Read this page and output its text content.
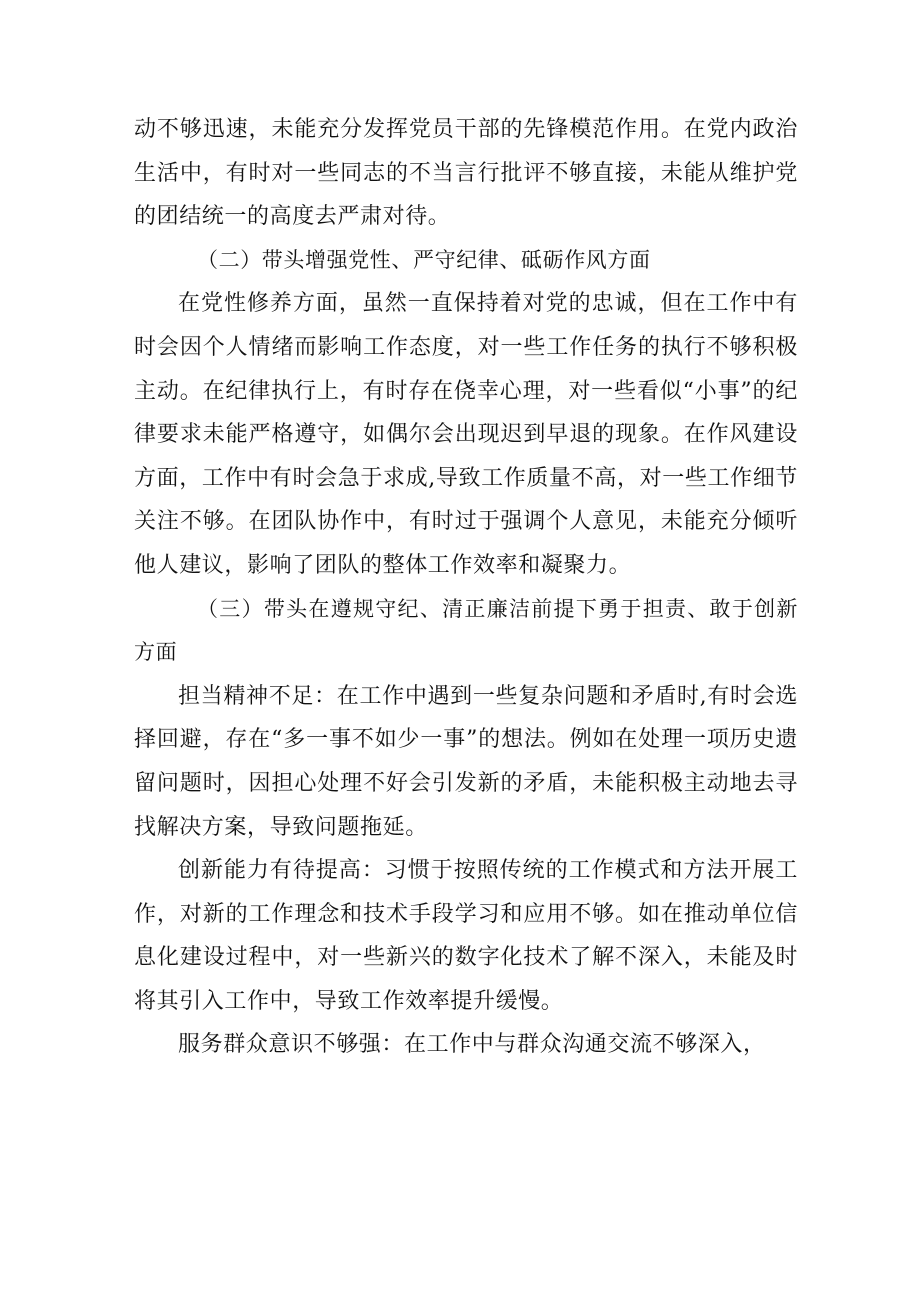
动不够迅速，未能充分发挥党员干部的先锋模范作用。在党内政治生活中，有时对一些同志的不当言行批评不够直接，未能从维护党的团结统一的高度去严肃对待。

（二）带头增强党性、严守纪律、砥砺作风方面

在党性修养方面，虽然一直保持着对党的忠诚，但在工作中有时会因个人情绪而影响工作态度，对一些工作任务的执行不够积极主动。在纪律执行上，有时存在侥幸心理，对一些看似“小事”的纪律要求未能严格遵守，如偶尔会出现迟到早退的现象。在作风建设方面，工作中有时会急于求成,导致工作质量不高，对一些工作细节关注不够。在团队协作中，有时过于强调个人意见，未能充分倾听他人建议，影响了团队的整体工作效率和凝聚力。

（三）带头在遵规守纪、清正廉洁前提下勇于担责、敢于创新方面

担当精神不足：在工作中遇到一些复杂问题和矛盾时,有时会选择回避，存在“多一事不如少一事”的想法。例如在处理一项历史遗留问题时，因担心处理不好会引发新的矛盾，未能积极主动地去寻找解决方案，导致问题拖延。

创新能力有待提高：习惯于按照传统的工作模式和方法开展工作，对新的工作理念和技术手段学习和应用不够。如在推动单位信息化建设过程中，对一些新兴的数字化技术了解不深入，未能及时将其引入工作中，导致工作效率提升缓慢。

服务群众意识不够强：在工作中与群众沟通交流不够深入，
